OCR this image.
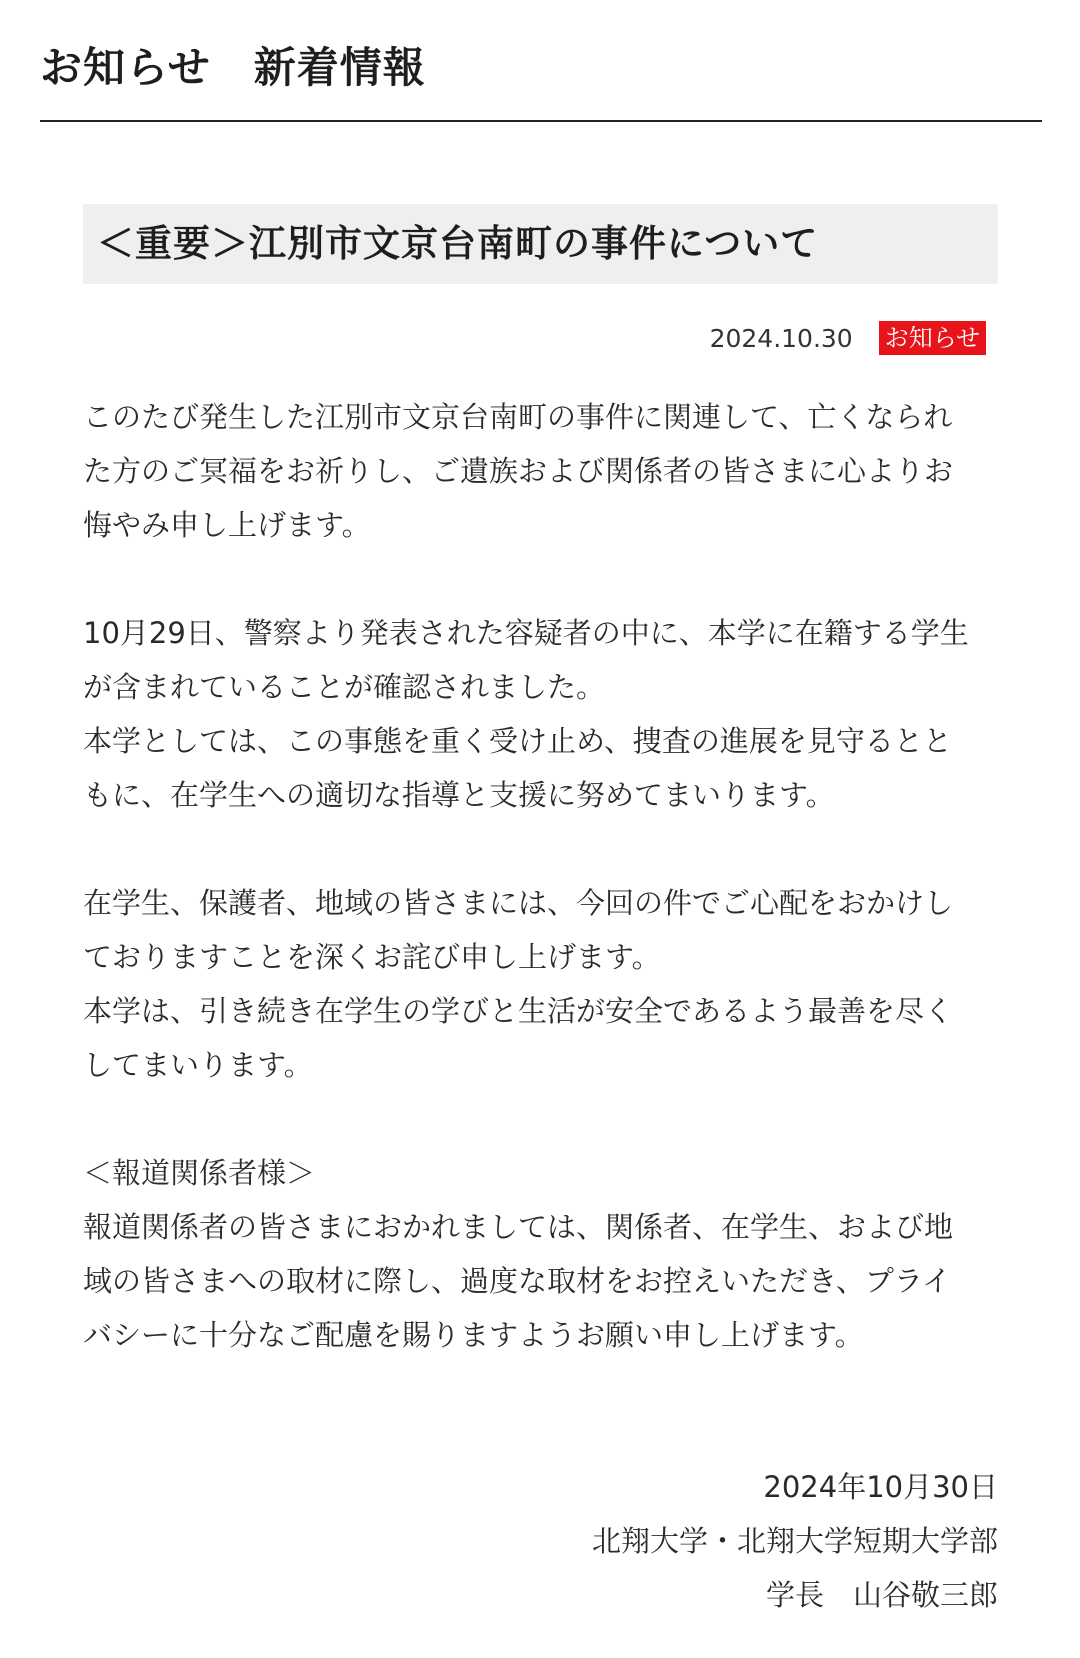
お知らせ　新着情報
＜重要＞江別市文京台南町の事件について
2024.10.30 お知らせ

このたび発生した江別市文京台南町の事件に関連して、亡くなられ

た方のご冥福をお祈りし、ご遺族および関係者の皆さまに心よりお

悔やみ申し上げます。

10月29日、警察より発表された容疑者の中に、本学に在籍する学生

が含まれていることが確認されました。

本学としては、この事態を重く受け止め、捜査の進展を見守るとと

もに、在学生への適切な指導と支援に努めてまいります。

在学生、保護者、地域の皆さまには、今回の件でご心配をおかけし

ておりますことを深くお詫び申し上げます。

本学は、引き続き在学生の学びと生活が安全であるよう最善を尽く

してまいります。

＜報道関係者様＞

報道関係者の皆さまにおかれましては、関係者、在学生、および地

域の皆さまへの取材に際し、過度な取材をお控えいただき、プライ

バシーに十分なご配慮を賜りますようお願い申し上げます。

2024年10月30日
北翔大学・北翔大学短期大学部
学長　山谷敬三郎
